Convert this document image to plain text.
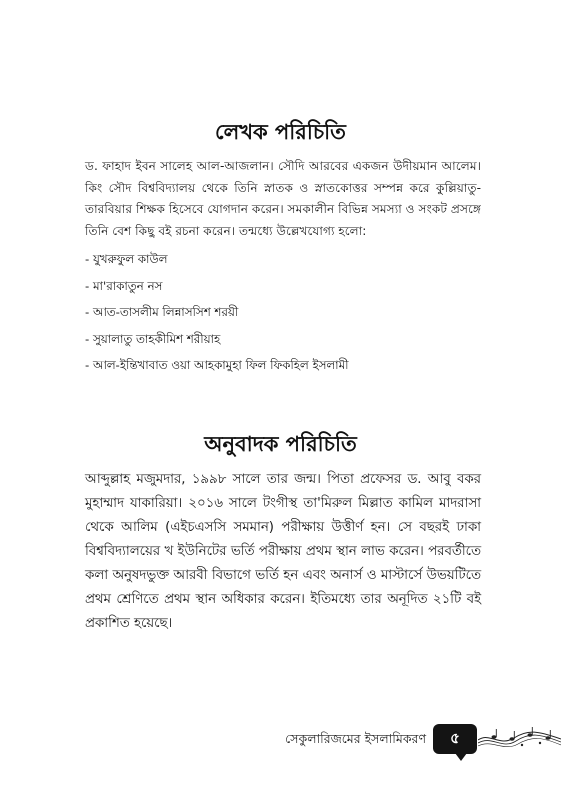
লেখক পরিচিতি
ড. ফাহাদ ইবন সালেহ আল-আজলান। সৌদি আরবের একজন উদীয়মান আলেম। কিং সৌদ বিশ্ববিদ্যালয় থেকে তিনি স্নাতক ও স্নাতকোত্তর সম্পন্ন করে কুল্লিয়াতু-তারবিয়ার শিক্ষক হিসেবে যোগদান করেন। সমকালীন বিভিন্ন সমস্যা ও সংকট প্রসঙ্গে তিনি বেশ কিছু বই রচনা করেন। তন্মধ্যে উল্লেখযোগ্য হলো:
- যুখরুফুল কাউল
- মা'রাকাতুন নস
- আত-তাসলীম লিন্নাসসিশ শরয়ী
- সুয়ালাতু তাহকীমিশ শরীয়াহ
- আল-ইন্তিখাবাত ওয়া আহকামুহা ফিল ফিকহিল ইসলামী
অনুবাদক পরিচিতি
আব্দুল্লাহ মজুমদার, ১৯৯৮ সালে তার জন্ম। পিতা প্রফেসর ড. আবু বকর মুহাম্মাদ যাকারিয়া। ২০১৬ সালে টংগীস্থ তা'মিরুল মিল্লাত কামিল মাদরাসা থেকে আলিম (এইচএসসি সমমান) পরীক্ষায় উত্তীর্ণ হন। সে বছরই ঢাকা বিশ্ববিদ্যালয়ের খ ইউনিটের ভর্তি পরীক্ষায় প্রথম স্থান লাভ করেন। পরবর্তীতে কলা অনুষদভুক্ত আরবী বিভাগে ভর্তি হন এবং অনার্স ও মাস্টার্সে উভয়টিতে প্রথম শ্রেণিতে প্রথম স্থান অধিকার করেন। ইতিমধ্যে তার অনূদিত ২১টি বই প্রকাশিত হয়েছে।
সেকুলারিজমের ইসলামিকরণ ৫
